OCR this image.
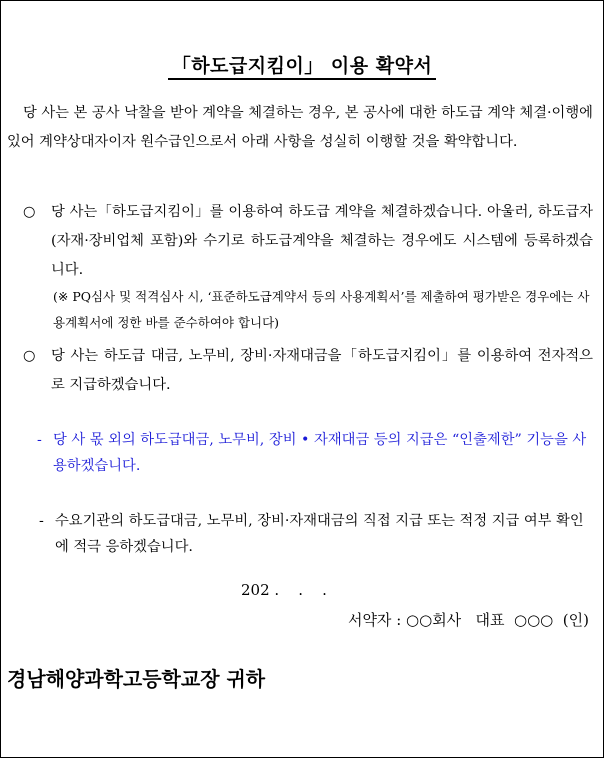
「하도급지킴이」 이용 확약서
당 사는 본 공사 낙찰을 받아 계약을 체결하는 경우, 본 공사에 대한 하도급 계약 체결·이행에 있어 계약상대자이자 원수급인으로서 아래 사항을 성실히 이행할 것을 확약합니다.
○ 당 사는「하도급지킴이」를 이용하여 하도급 계약을 체결하겠습니다. 아울러, 하도급자(자재·장비업체 포함)와 수기로 하도급계약을 체결하는 경우에도 시스템에 등록하겠습니다.
(※ PQ심사 및 적격심사 시, ‘표준하도급계약서 등의 사용계획서’를 제출하여 평가받은 경우에는 사용계획서에 정한 바를 준수하여야 합니다)
○ 당 사는 하도급 대금, 노무비, 장비·자재대금을「하도급지킴이」를 이용하여 전자적으로 지급하겠습니다.
- 당 사 몫 외의 하도급대금, 노무비, 장비 • 자재대금 등의 지급은 “인출제한” 기능을 사용하겠습니다.
- 수요기관의 하도급대금, 노무비, 장비·자재대금의 직접 지급 또는 적정 지급 여부 확인에 적극 응하겠습니다.
202 .    .    .
서약자 : ○○회사   대표  ○○○  (인)
경남해양과학고등학교장 귀하
